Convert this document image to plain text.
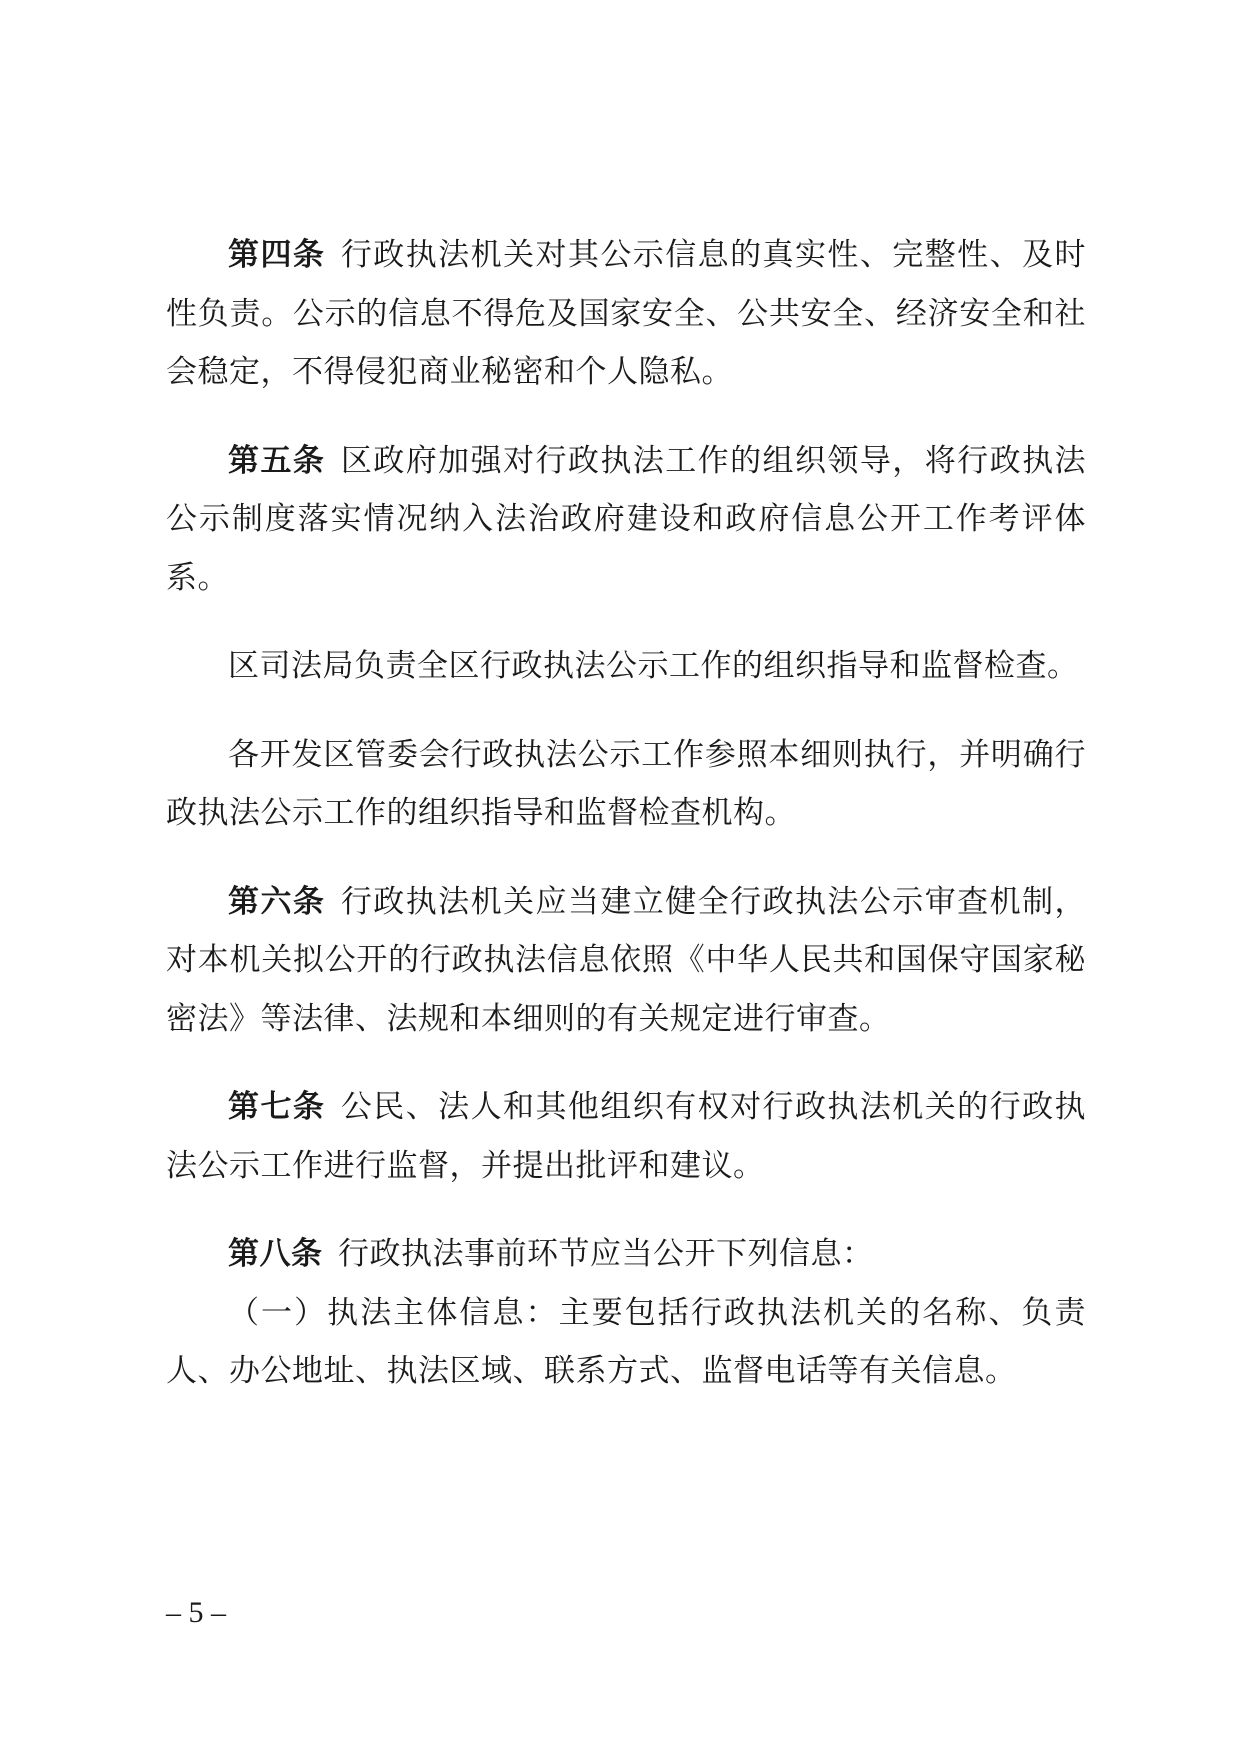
第四条 行政执法机关对其公示信息的真实性、完整性、及时性负责。公示的信息不得危及国家安全、公共安全、经济安全和社会稳定，不得侵犯商业秘密和个人隐私。

第五条 区政府加强对行政执法工作的组织领导，将行政执法公示制度落实情况纳入法治政府建设和政府信息公开工作考评体系。

区司法局负责全区行政执法公示工作的组织指导和监督检查。

各开发区管委会行政执法公示工作参照本细则执行，并明确行政执法公示工作的组织指导和监督检查机构。

第六条 行政执法机关应当建立健全行政执法公示审查机制，对本机关拟公开的行政执法信息依照《中华人民共和国保守国家秘密法》等法律、法规和本细则的有关规定进行审查。

第七条 公民、法人和其他组织有权对行政执法机关的行政执法公示工作进行监督，并提出批评和建议。

第八条 行政执法事前环节应当公开下列信息：

（一）执法主体信息：主要包括行政执法机关的名称、负责人、办公地址、执法区域、联系方式、监督电话等有关信息。

– 5 –
